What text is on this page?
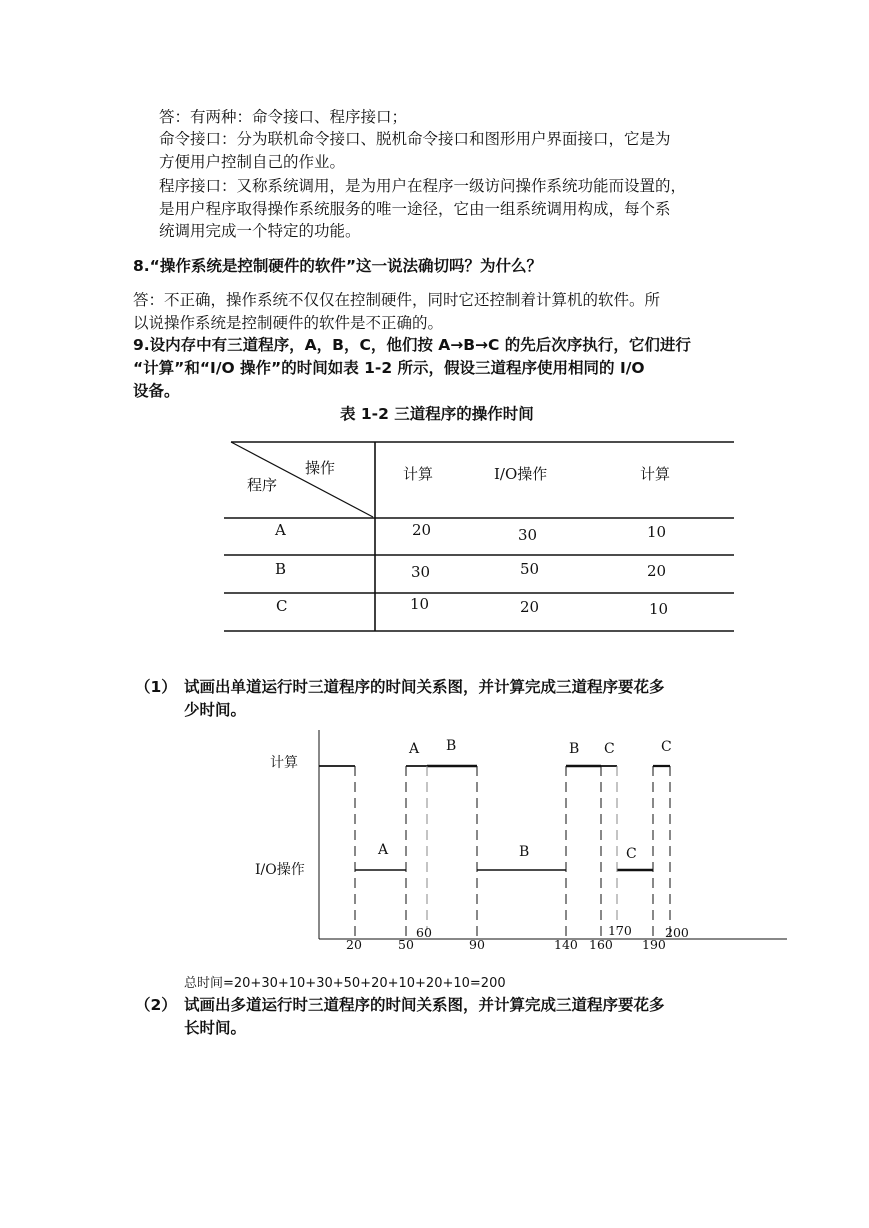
答：有两种：命令接口、程序接口；
命令接口：分为联机命令接口、脱机命令接口和图形用户界面接口，它是为
方便用户控制自己的作业。
程序接口：又称系统调用，是为用户在程序一级访问操作系统功能而设置的，
是用户程序取得操作系统服务的唯一途径，它由一组系统调用构成，每个系
统调用完成一个特定的功能。
8.“操作系统是控制硬件的软件”这一说法确切吗？为什么？
答：不正确，操作系统不仅仅在控制硬件，同时它还控制着计算机的软件。所
以说操作系统是控制硬件的软件是不正确的。
9.设内存中有三道程序，A，B，C，他们按 A→B→C 的先后次序执行，它们进行
“计算”和“I/O 操作”的时间如表 1-2 所示，假设三道程序使用相同的 I/O
设备。
表 1-2 三道程序的操作时间
操作
程序
计算	I/O操作	计算
A	20	30	10
B	30	50	20
C	10	20	10
（1） 试画出单道运行时三道程序的时间关系图，并计算完成三道程序要花多
少时间。
计算
I/O操作
A B	B C	C
A	B	C
20	50	90	140 160 190
60	170	200
总时间=20+30+10+30+50+20+10+20+10=200
（2） 试画出多道运行时三道程序的时间关系图，并计算完成三道程序要花多
长时间。
